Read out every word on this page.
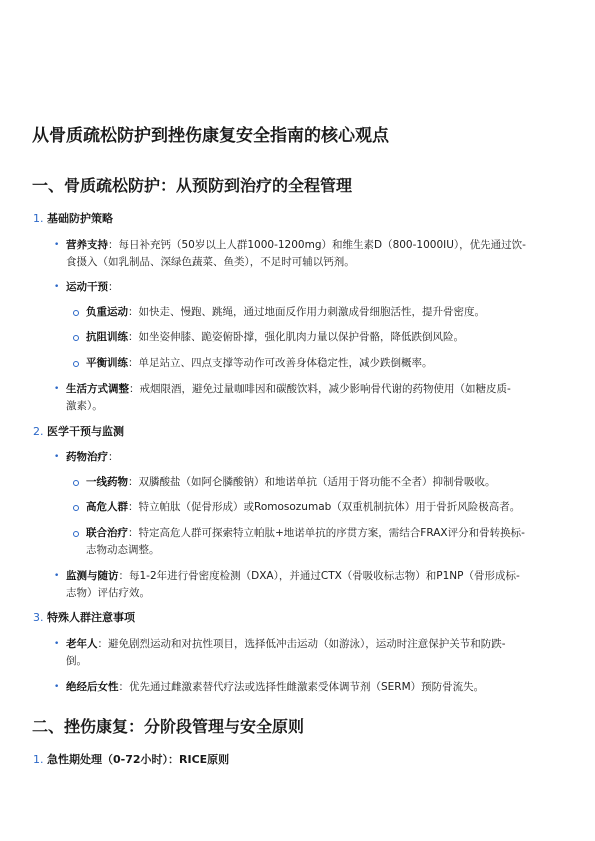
从骨质疏松防护到挫伤康复安全指南的核心观点
一、骨质疏松防护：从预防到治疗的全程管理
1. 基础防护策略
• 营养支持：每日补充钙（50岁以上人群1000-1200mg）和维生素D（800-1000IU），优先通过饮-
食摄入（如乳制品、深绿色蔬菜、鱼类），不足时可辅以钙剂。
• 运动干预：
负重运动：如快走、慢跑、跳绳，通过地面反作用力刺激成骨细胞活性，提升骨密度。
抗阻训练：如坐姿伸膝、跪姿俯卧撑，强化肌肉力量以保护骨骼，降低跌倒风险。
平衡训练：单足站立、四点支撑等动作可改善身体稳定性，减少跌倒概率。
• 生活方式调整：戒烟限酒，避免过量咖啡因和碳酸饮料，减少影响骨代谢的药物使用（如糖皮质-
激素）。
2. 医学干预与监测
• 药物治疗：
一线药物：双膦酸盐（如阿仑膦酸钠）和地诺单抗（适用于肾功能不全者）抑制骨吸收。
高危人群：特立帕肽（促骨形成）或Romosozumab（双重机制抗体）用于骨折风险极高者。
联合治疗：特定高危人群可探索特立帕肽+地诺单抗的序贯方案，需结合FRAX评分和骨转换标-
志物动态调整。
• 监测与随访：每1-2年进行骨密度检测（DXA），并通过CTX（骨吸收标志物）和P1NP（骨形成标-
志物）评估疗效。
3. 特殊人群注意事项
• 老年人：避免剧烈运动和对抗性项目，选择低冲击运动（如游泳），运动时注意保护关节和防跌-
倒。
• 绝经后女性：优先通过雌激素替代疗法或选择性雌激素受体调节剂（SERM）预防骨流失。
二、挫伤康复：分阶段管理与安全原则
1. 急性期处理（0-72小时）：RICE原则
